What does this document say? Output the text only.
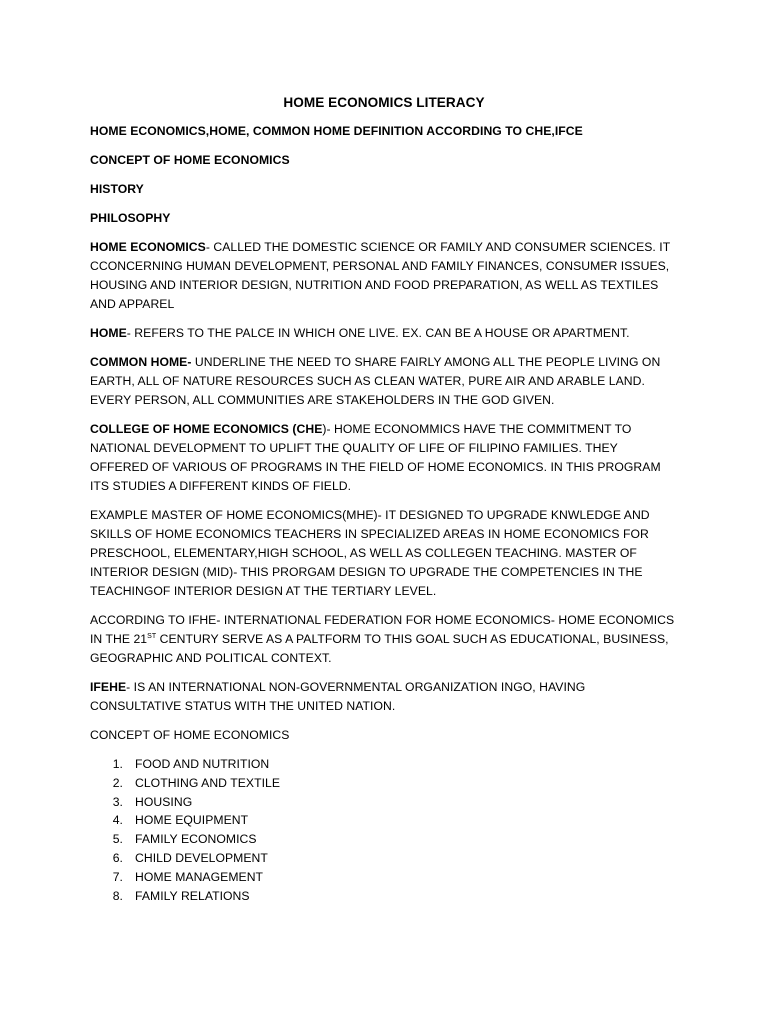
HOME ECONOMICS LITERACY
HOME ECONOMICS,HOME, COMMON HOME DEFINITION ACCORDING TO CHE,IFCE
CONCEPT OF HOME ECONOMICS
HISTORY
PHILOSOPHY
HOME ECONOMICS- CALLED THE DOMESTIC SCIENCE OR FAMILY AND CONSUMER SCIENCES. IT CCONCERNING HUMAN DEVELOPMENT, PERSONAL AND FAMILY FINANCES, CONSUMER ISSUES, HOUSING AND INTERIOR DESIGN, NUTRITION AND FOOD PREPARATION, AS WELL AS TEXTILES AND APPAREL
HOME- REFERS TO THE PALCE IN WHICH ONE LIVE. EX. CAN BE A HOUSE OR APARTMENT.
COMMON HOME- UNDERLINE THE NEED TO SHARE FAIRLY AMONG ALL THE PEOPLE LIVING ON EARTH, ALL OF NATURE RESOURCES SUCH AS CLEAN WATER, PURE AIR AND ARABLE LAND. EVERY PERSON, ALL COMMUNITIES ARE STAKEHOLDERS IN THE GOD GIVEN.
COLLEGE OF HOME ECONOMICS (CHE)- HOME ECONOMMICS HAVE THE COMMITMENT TO NATIONAL DEVELOPMENT TO UPLIFT THE QUALITY OF LIFE OF FILIPINO FAMILIES. THEY OFFERED OF VARIOUS OF PROGRAMS IN THE FIELD OF HOME ECONOMICS. IN THIS PROGRAM ITS STUDIES A DIFFERENT KINDS OF FIELD.
EXAMPLE MASTER OF HOME ECONOMICS(MHE)- IT DESIGNED TO UPGRADE KNWLEDGE AND SKILLS OF HOME ECONOMICS TEACHERS IN SPECIALIZED AREAS IN HOME ECONOMICS FOR PRESCHOOL, ELEMENTARY,HIGH SCHOOL, AS WELL AS COLLEGEN TEACHING. MASTER OF INTERIOR DESIGN (MID)- THIS PRORGAM DESIGN TO UPGRADE THE COMPETENCIES IN THE TEACHINGOF INTERIOR DESIGN AT THE TERTIARY LEVEL.
ACCORDING TO IFHE- INTERNATIONAL FEDERATION FOR HOME ECONOMICS- HOME ECONOMICS IN THE 21ST CENTURY SERVE AS A PALTFORM TO THIS GOAL SUCH AS EDUCATIONAL, BUSINESS, GEOGRAPHIC AND POLITICAL CONTEXT.
IFEHE- IS AN INTERNATIONAL NON-GOVERNMENTAL ORGANIZATION INGO, HAVING CONSULTATIVE STATUS WITH THE UNITED NATION.
CONCEPT OF HOME ECONOMICS
1. FOOD AND NUTRITION
2. CLOTHING AND TEXTILE
3. HOUSING
4. HOME EQUIPMENT
5. FAMILY ECONOMICS
6. CHILD DEVELOPMENT
7. HOME MANAGEMENT
8. FAMILY RELATIONS
